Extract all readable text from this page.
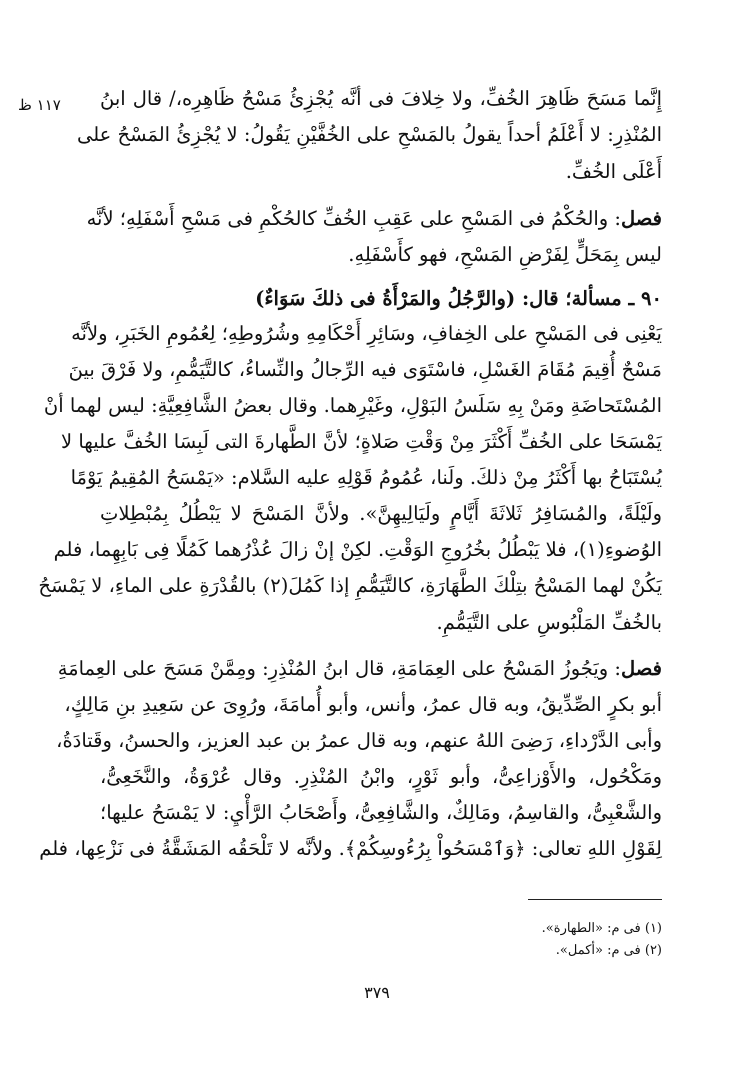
١١٧ ظ	إِنَّما مَسَحَ ظَاهِرَ الخُفِّ، ولا خِلافَ فى أنَّه يُجْزِئُ مَسْحُ ظَاهِرِه،/ قال ابنُ
المُنْذِرِ: لا أَعْلَمُ أحداً يقولُ بالمَسْحِ على الخُفَّيْنِ يَقُولُ: لا يُجْزِئُ المَسْحُ على
أَعْلَى الخُفِّ.
فصل: والحُكْمُ فى المَسْحِ على عَقِبِ الخُفِّ كالحُكْمِ فى مَسْحِ أَسْفَلِهِ؛ لأنَّه
ليس بِمَحَلٍّ لِفَرْضِ المَسْحِ، فهو كأَسْفَلِهِ.
٩٠ ـ مسألة؛ قال: (والرَّجُلُ والمَرْأَةُ فى ذلكَ سَوَاءٌ)
يَعْنِى فى المَسْحِ على الخِفافِ، وسَائِرِ أَحْكَامِهِ وشُرُوطِهِ؛ لِعُمُومِ الخَبَرِ، ولأنَّه
مَسْحٌ أُقِيمَ مُقَامَ الغَسْلِ، فاسْتَوَى فيه الرِّجالُ والنِّساءُ، كالتَّيَمُّمِ، ولا فَرْقَ بينَ
المُسْتَحاضَةِ ومَنْ بِهِ سَلَسُ البَوْلِ، وغَيْرِهما. وقال بعضُ الشَّافِعِيَّةِ: ليس لهما أنْ
يَمْسَحَا على الخُفِّ أَكْثَرَ مِنْ وَقْتِ صَلاةٍ؛ لأنَّ الطَّهارةَ التى لَبِسَا الخُفَّ عليها لا
يُسْتَبَاحُ بها أَكْثَرُ مِنْ ذلكَ. ولَنا، عُمُومُ قَوْلِهِ عليه السَّلام: «يَمْسَحُ المُقِيمُ يَوْمًا
ولَيْلَةً، والمُسَافِرُ ثَلاثَةَ أَيَّامٍ ولَيَالِيهِنَّ». ولأنَّ المَسْحَ لا يَبْطُلُ بِمُبْطِلاتِ
الوُضوءِ(١)، فلا يَبْطُلُ بخُرُوجِ الوَقْتِ. لكِنْ إنْ زالَ عُذْرُهما كَمُلًا فِى بَابِهِما، فلم
يَكُنْ لهما المَسْحُ بتِلْكَ الطَّهَارَةِ، كالتَّيَمُّمِ إذا كَمُلَ(٢) بالقُدْرَةِ على الماءِ، لا يَمْسَحُ
بالخُفِّ المَلْبُوسِ على التَّيَمُّمِ.
فصل: ويَجُوزُ المَسْحُ على العِمَامَةِ، قال ابنُ المُنْذِرِ: ومِمَّنْ مَسَحَ على العِمامَةِ
أبو بكرٍ الصِّدِّيقُ، وبه قال عمرُ، وأنس، وأبو أُمامَةَ، ورُوِىَ عن سَعِيدِ بنِ مَالِكٍ،
وأبى الدَّرْداءِ، رَضِىَ اللهُ عنهم، وبه قال عمرُ بن عبد العزيز، والحسنُ، وقَتادَةُ،
ومَكْحُول، والأَوْزاعِىُّ، وأبو ثَوْرٍ، وابْنُ المُنْذِرِ. وقال عُرْوَةُ، والنَّخَعِىُّ،
والشَّعْبِىُّ، والقاسِمُ، ومَالِكٌ، والشَّافِعِىُّ، وأَصْحَابُ الرَّأْيِ: لا يَمْسَحُ عليها؛
لِقَوْلِ اللهِ تعالى: ﴿وَٱمْسَحُواْ بِرُءُوسِكُمْ﴾. ولأنَّه لا تَلْحَقُه المَشَقَّةُ فى نَزْعِها، فلم
(١) فى م: «الطهارة».
(٢) فى م: «أكمل».
٣٧٩
